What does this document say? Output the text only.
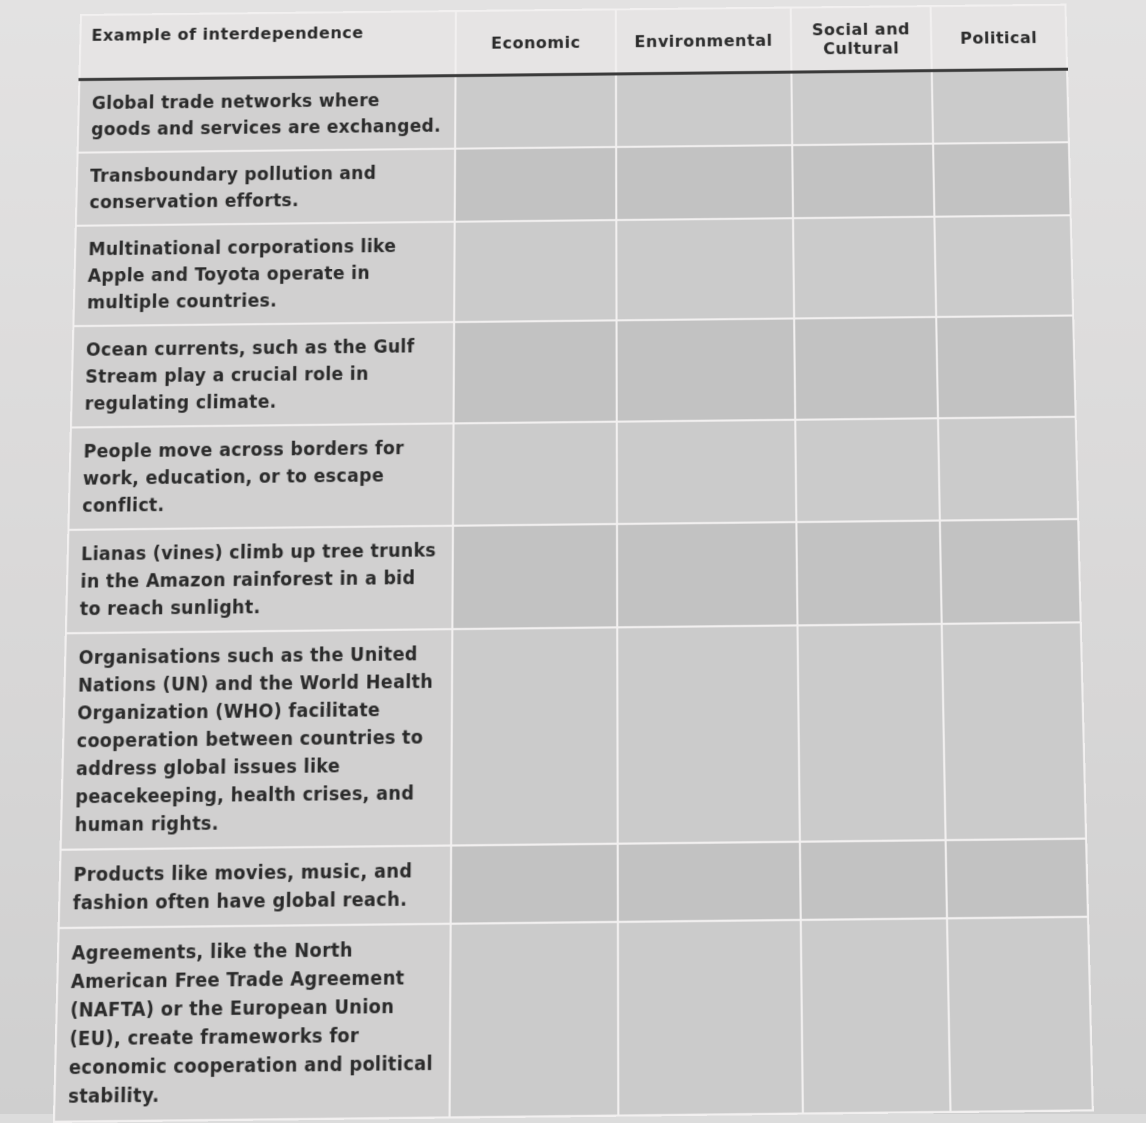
Example of interdependence	Economic	Environmental	Social and Cultural	Political
Global trade networks where goods and services are exchanged.				
Transboundary pollution and conservation efforts.				
Multinational corporations like Apple and Toyota operate in multiple countries.				
Ocean currents, such as the Gulf Stream play a crucial role in regulating climate.				
People move across borders for work, education, or to escape conflict.				
Lianas (vines) climb up tree trunks in the Amazon rainforest in a bid to reach sunlight.				
Organisations such as the United Nations (UN) and the World Health Organization (WHO) facilitate cooperation between countries to address global issues like peacekeeping, health crises, and human rights.				
Products like movies, music, and fashion often have global reach.				
Agreements, like the North American Free Trade Agreement (NAFTA) or the European Union (EU), create frameworks for economic cooperation and political stability.				
